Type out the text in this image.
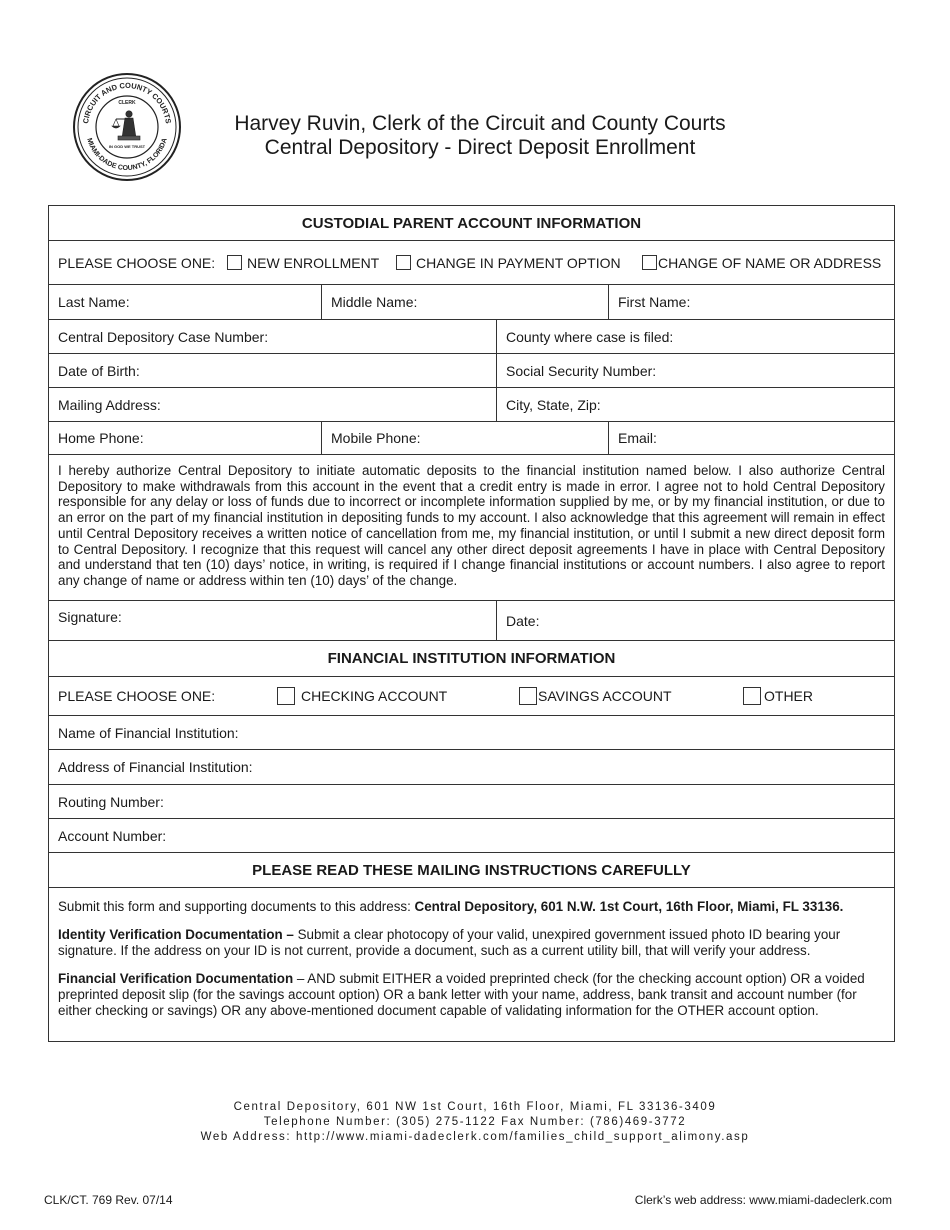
CIRCUIT AND COUNTY COURTS
MIAMI-DADE COUNTY, FLORIDA
CLERK
IN GOD WE TRUST
Harvey Ruvin, Clerk of the Circuit and County Courts
Central Depository - Direct Deposit Enrollment
CUSTODIAL PARENT ACCOUNT INFORMATION
PLEASE CHOOSE ONE: NEW ENROLLMENT	CHANGE IN PAYMENT OPTION	CHANGE OF NAME OR ADDRESS
Last Name:	Middle Name:	First Name:
Central Depository Case Number:	County where case is filed:
Date of Birth:	Social Security Number:
Mailing Address:	City, State, Zip:
Home Phone:	Mobile Phone:	Email:
I hereby authorize Central Depository to initiate automatic deposits to the financial institution named below. I also authorize Central Depository to make withdrawals from this account in the event that a credit entry is made in error. I agree not to hold Central Depository responsible for any delay or loss of funds due to incorrect or incomplete information supplied by me, or by my financial institution, or due to an error on the part of my financial institution in depositing funds to my account. I also acknowledge that this agreement will remain in effect until Central Depository receives a written notice of cancellation from me, my financial institution, or until I submit a new direct deposit form to Central Depository. I recognize that this request will cancel any other direct deposit agreements I have in place with Central Depository and understand that ten (10) days’ notice, in writing, is required if I change financial institutions or account numbers. I also agree to report any change of name or address within ten (10) days’ of the change.
Signature:	Date:
FINANCIAL INSTITUTION INFORMATION
PLEASE CHOOSE ONE:	CHECKING ACCOUNT	SAVINGS ACCOUNT	OTHER
Name of Financial Institution:
Address of Financial Institution:
Routing Number:
Account Number:
PLEASE READ THESE MAILING INSTRUCTIONS CAREFULLY

Submit this form and supporting documents to this address: Central Depository, 601 N.W. 1st Court, 16th Floor, Miami, FL 33136.

Identity Verification Documentation – Submit a clear photocopy of your valid, unexpired government issued photo ID bearing your signature. If the address on your ID is not current, provide a document, such as a current utility bill, that will verify your address.

Financial Verification Documentation – AND submit EITHER a voided preprinted check (for the checking account option) OR a voided preprinted deposit slip (for the savings account option) OR a bank letter with your name, address, bank transit and account number (for either checking or savings) OR any above-mentioned document capable of validating information for the OTHER account option.

Central Depository, 601 NW 1st Court, 16th Floor, Miami, FL 33136-3409
Telephone Number: (305) 275-1122 Fax Number: (786)469-3772
Web Address: http://www.miami-dadeclerk.com/families_child_support_alimony.asp
CLK/CT. 769 Rev. 07/14	Clerk’s web address: www.miami-dadeclerk.com
